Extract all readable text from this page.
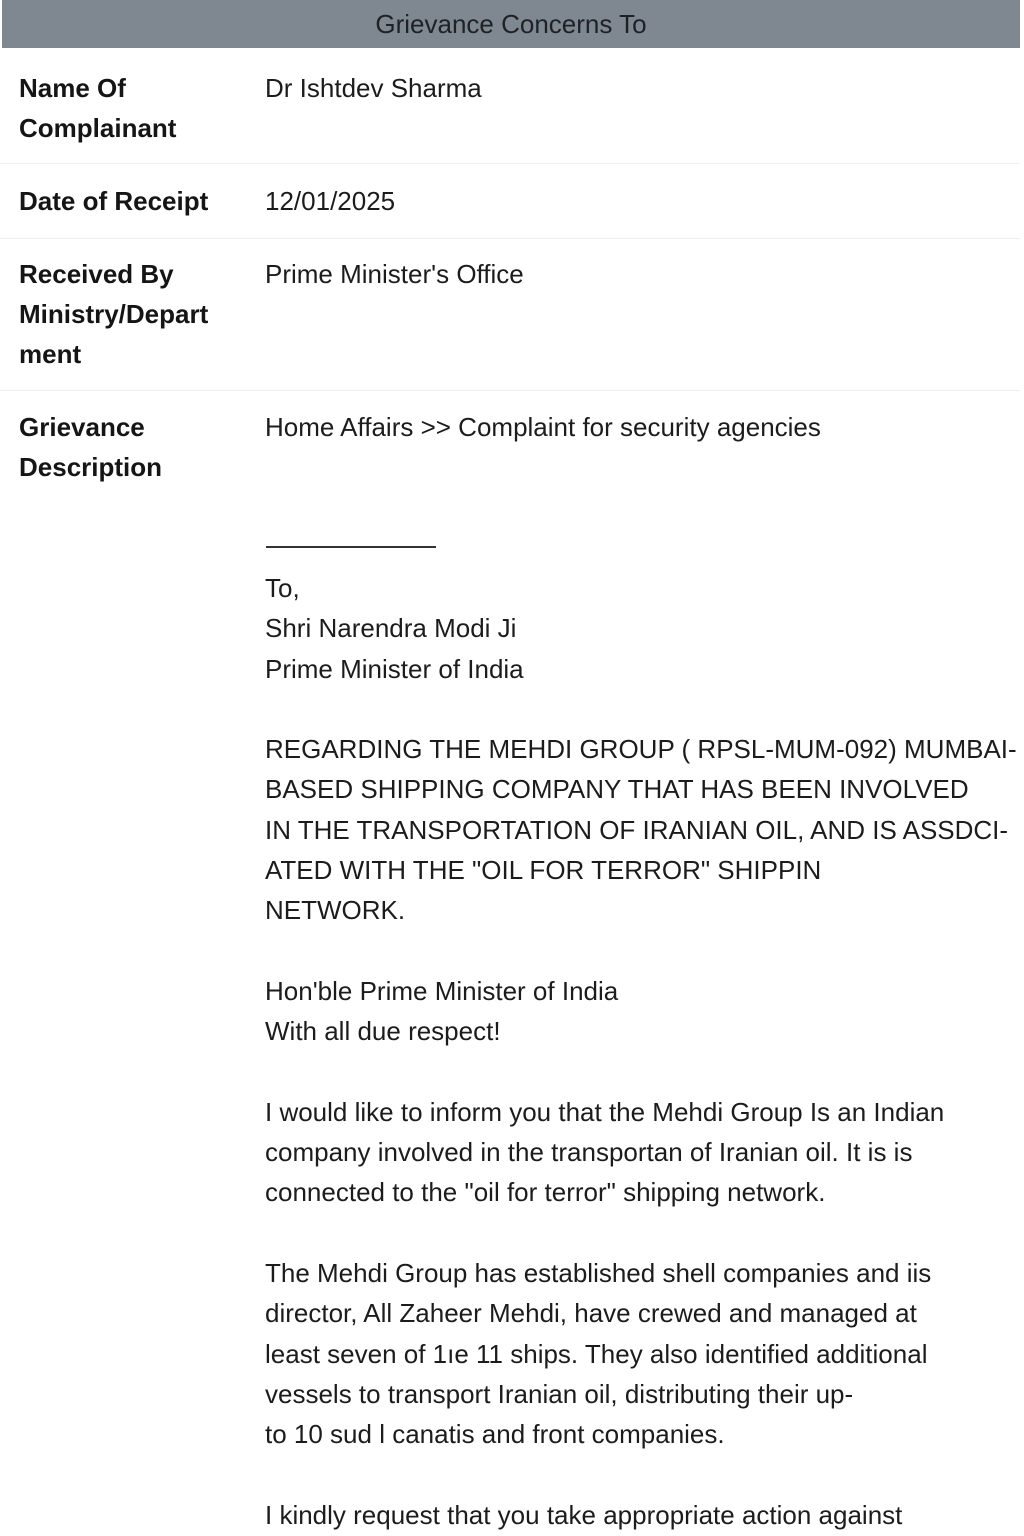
Grievance Concerns To
Name Of
Complainant
Dr Ishtdev Sharma
Date of Receipt	12/01/2025
Received By
Ministry/Depart
ment
Prime Minister's Office
Grievance
Description
Home Affairs >> Complaint for security agencies
To,
Shri Narendra Modi Ji
Prime Minister of India
REGARDING THE MEHDI GROUP ( RPSL-MUM-092) MUMBAI-
BASED SHIPPING COMPANY THAT HAS BEEN INVOLVED
IN THE TRANSPORTATION OF IRANIAN OIL, AND IS ASSDCI-
ATED WITH THE "OIL FOR TERROR" SHIPPIN
NETWORK.
Hon'ble Prime Minister of India
With all due respect!
I would like to inform you that the Mehdi Group Is an Indian
company involved in the transportan of Iranian oil. It is is
connected to the "oil for terror" shipping network.
The Mehdi Group has established shell companies and iis
director, All Zaheer Mehdi, have crewed and managed at
least seven of 1ıe 11 ships. They also identified additional
vessels to transport Iranian oil, distributing their up-
to 10 sud l canatis and front companies.
I kindly request that you take appropriate action against
